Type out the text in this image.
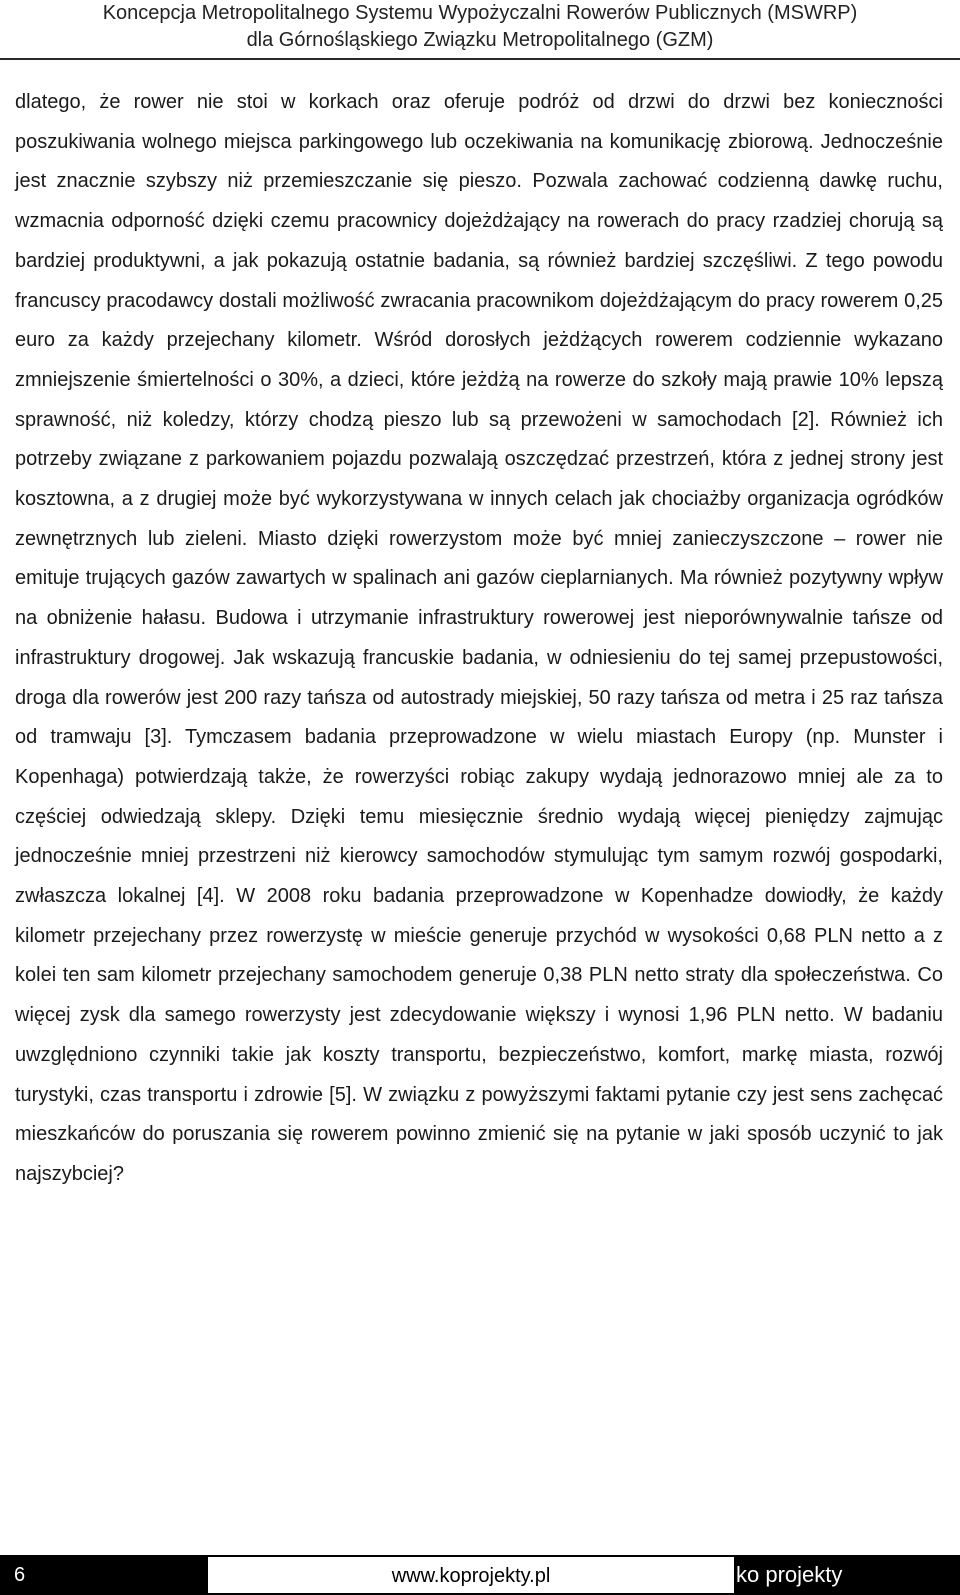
Koncepcja Metropolitalnego Systemu Wypożyczalni Rowerów Publicznych (MSWRP)
dla Górnośląskiego Związku Metropolitalnego (GZM)
dlatego, że rower nie stoi w korkach oraz oferuje podróż od drzwi do drzwi bez konieczności poszukiwania wolnego miejsca parkingowego lub oczekiwania na komunikację zbiorową. Jednocześnie jest znacznie szybszy niż przemieszczanie się pieszo. Pozwala zachować codzienną dawkę ruchu, wzmacnia odporność dzięki czemu pracownicy dojeżdżający na rowerach do pracy rzadziej chorują są bardziej produktywni, a jak pokazują ostatnie badania, są również bardziej szczęśliwi. Z tego powodu francuscy pracodawcy dostali możliwość zwracania pracownikom dojeżdżającym do pracy rowerem 0,25 euro za każdy przejechany kilometr. Wśród dorosłych jeżdżących rowerem codziennie wykazano zmniejszenie śmiertelności o 30%, a dzieci, które jeżdżą na rowerze do szkoły mają prawie 10% lepszą sprawność, niż koledzy, którzy chodzą pieszo lub są przewożeni w samochodach [2]. Również ich potrzeby związane z parkowaniem pojazdu pozwalają oszczędzać przestrzeń, która z jednej strony jest kosztowna, a z drugiej może być wykorzystywana w innych celach jak chociażby organizacja ogródków zewnętrznych lub zieleni. Miasto dzięki rowerzystom może być mniej zanieczyszczone – rower nie emituje trujących gazów zawartych w spalinach ani gazów cieplarnianych. Ma również pozytywny wpływ na obniżenie hałasu. Budowa i utrzymanie infrastruktury rowerowej jest nieporównywalnie tańsze od infrastruktury drogowej. Jak wskazują francuskie badania, w odniesieniu do tej samej przepustowości, droga dla rowerów jest 200 razy tańsza od autostrady miejskiej, 50 razy tańsza od metra i 25 raz tańsza od tramwaju [3]. Tymczasem badania przeprowadzone w wielu miastach Europy (np. Munster i Kopenhaga) potwierdzają także, że rowerzyści robiąc zakupy wydają jednorazowo mniej ale za to częściej odwiedzają sklepy. Dzięki temu miesięcznie średnio wydają więcej pieniędzy zajmując jednocześnie mniej przestrzeni niż kierowcy samochodów stymulując tym samym rozwój gospodarki, zwłaszcza lokalnej [4]. W 2008 roku badania przeprowadzone w Kopenhadze dowiodły, że każdy kilometr przejechany przez rowerzystę w mieście generuje przychód w wysokości 0,68 PLN netto a z kolei ten sam kilometr przejechany samochodem generuje 0,38 PLN netto straty dla społeczeństwa. Co więcej zysk dla samego rowerzysty jest zdecydowanie większy i wynosi 1,96 PLN netto. W badaniu uwzględniono czynniki takie jak koszty transportu, bezpieczeństwo, komfort, markę miasta, rozwój turystyki, czas transportu i zdrowie [5]. W związku z powyższymi faktami pytanie czy jest sens zachęcać mieszkańców do poruszania się rowerem powinno zmienić się na pytanie w jaki sposób uczynić to jak najszybciej?
6	www.koprojekty.pl	ko projekty
